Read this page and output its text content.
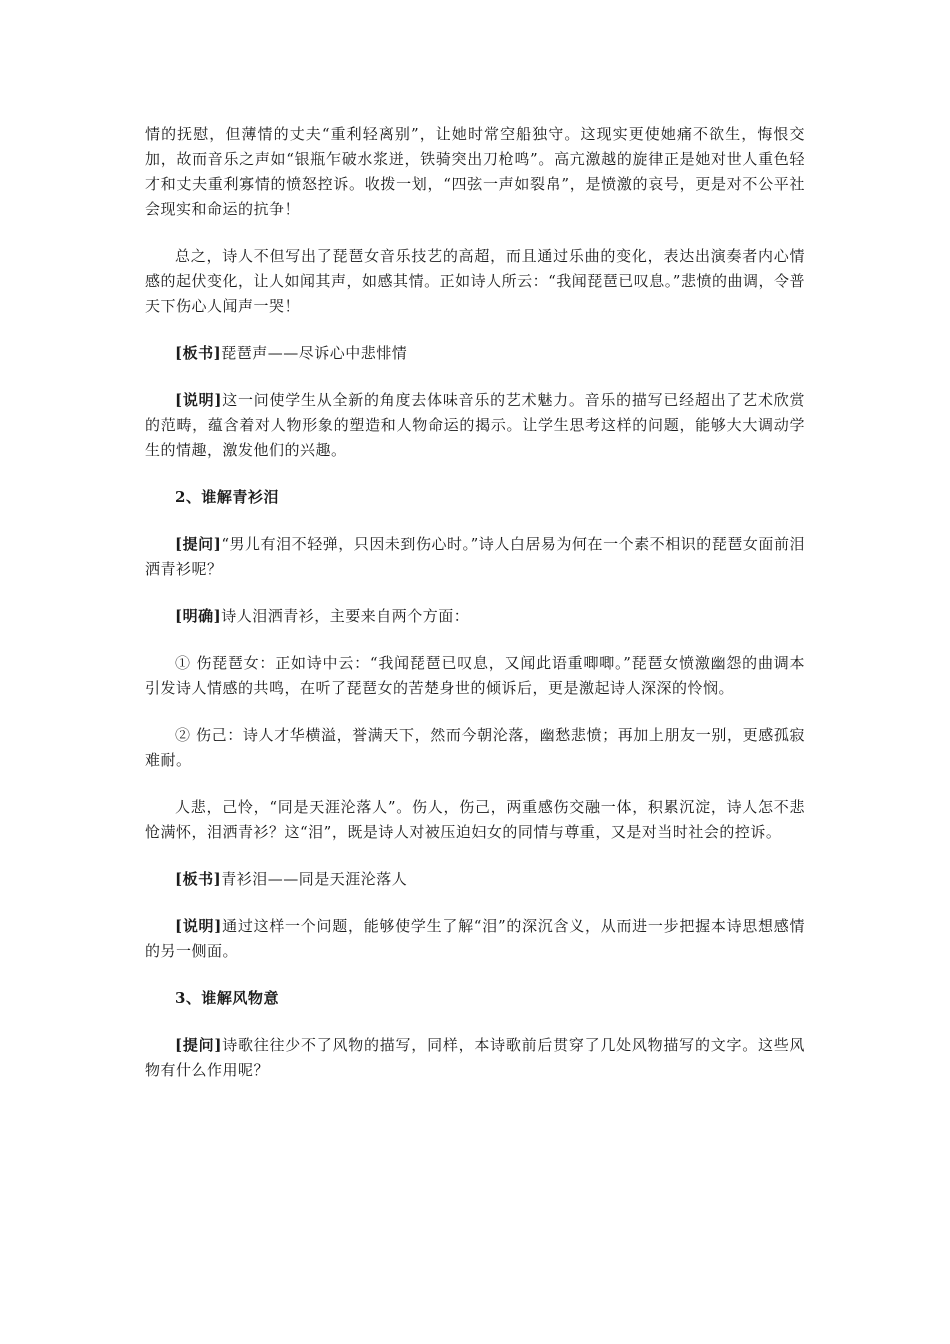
情的抚慰，但薄情的丈夫“重利轻离别”，让她时常空船独守。这现实更使她痛不欲生，悔恨交加，故而音乐之声如“银瓶乍破水浆迸，铁骑突出刀枪鸣”。高亢激越的旋律正是她对世人重色轻才和丈夫重利寡情的愤怒控诉。收拨一划，“四弦一声如裂帛”，是愤激的哀号，更是对不公平社会现实和命运的抗争！

总之，诗人不但写出了琵琶女音乐技艺的高超，而且通过乐曲的变化，表达出演奏者内心情感的起伏变化，让人如闻其声，如感其情。正如诗人所云：“我闻琵琶已叹息。”悲愤的曲调，令普天下伤心人闻声一哭！

[板书]琵琶声——尽诉心中悲悱情

[说明]这一问使学生从全新的角度去体味音乐的艺术魅力。音乐的描写已经超出了艺术欣赏的范畴，蕴含着对人物形象的塑造和人物命运的揭示。让学生思考这样的问题，能够大大调动学生的情趣，激发他们的兴趣。

2、谁解青衫泪

[提问]“男儿有泪不轻弹，只因未到伤心时。”诗人白居易为何在一个素不相识的琵琶女面前泪洒青衫呢？

[明确]诗人泪洒青衫，主要来自两个方面：

① 伤琵琶女：正如诗中云：“我闻琵琶已叹息，又闻此语重唧唧。”琵琶女愤激幽怨的曲调本引发诗人情感的共鸣，在听了琵琶女的苦楚身世的倾诉后，更是激起诗人深深的怜悯。

② 伤己：诗人才华横溢，誉满天下，然而今朝沦落，幽愁悲愤；再加上朋友一别，更感孤寂难耐。

人悲，己怜，“同是天涯沦落人”。伤人，伤己，两重感伤交融一体，积累沉淀，诗人怎不悲怆满怀，泪洒青衫？这“泪”，既是诗人对被压迫妇女的同情与尊重，又是对当时社会的控诉。

[板书]青衫泪——同是天涯沦落人

[说明]通过这样一个问题，能够使学生了解“泪”的深沉含义，从而进一步把握本诗思想感情的另一侧面。

3、谁解风物意

[提问]诗歌往往少不了风物的描写，同样，本诗歌前后贯穿了几处风物描写的文字。这些风物有什么作用呢？
